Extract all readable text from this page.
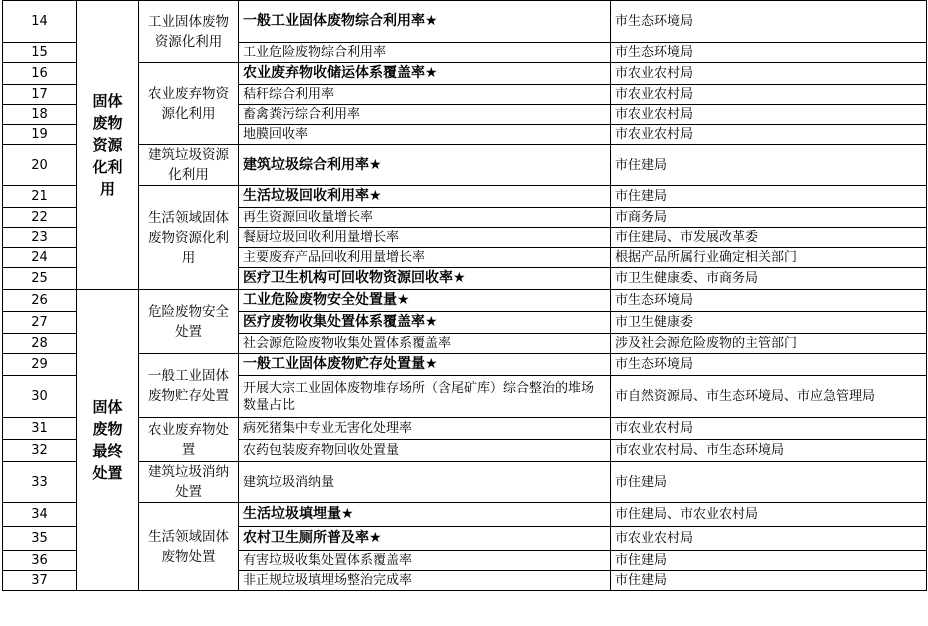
14	固体废物资源化利用	工业固体废物资源化利用	一般工业固体废物综合利用率★	市生态环境局
15			工业危险废物综合利用率	市生态环境局
16		农业废弃物资源化利用	农业废弃物收储运体系覆盖率★	市农业农村局
17			秸秆综合利用率	市农业农村局
18			畜禽粪污综合利用率	市农业农村局
19			地膜回收率	市农业农村局
20		建筑垃圾资源化利用	建筑垃圾综合利用率★	市住建局
21		生活领域固体废物资源化利用	生活垃圾回收利用率★	市住建局
22			再生资源回收量增长率	市商务局
23			餐厨垃圾回收利用量增长率	市住建局、市发展改革委
24			主要废弃产品回收利用量增长率	根据产品所属行业确定相关部门
25			医疗卫生机构可回收物资源回收率★	市卫生健康委、市商务局
26	固体废物最终处置	危险废物安全处置	工业危险废物安全处置量★	市生态环境局
27			医疗废物收集处置体系覆盖率★	市卫生健康委
28			社会源危险废物收集处置体系覆盖率	涉及社会源危险废物的主管部门
29		一般工业固体废物贮存处置	一般工业固体废物贮存处置量★	市生态环境局
30			开展大宗工业固体废物堆存场所（含尾矿库）综合整治的堆场数量占比	市自然资源局、市生态环境局、市应急管理局
31		农业废弃物处置	病死猪集中专业无害化处理率	市农业农村局
32			农药包装废弃物回收处置量	市农业农村局、市生态环境局
33		建筑垃圾消纳处置	建筑垃圾消纳量	市住建局
34		生活领域固体废物处置	生活垃圾填埋量★	市住建局、市农业农村局
35			农村卫生厕所普及率★	市农业农村局
36			有害垃圾收集处置体系覆盖率	市住建局
37			非正规垃圾填埋场整治完成率	市住建局
